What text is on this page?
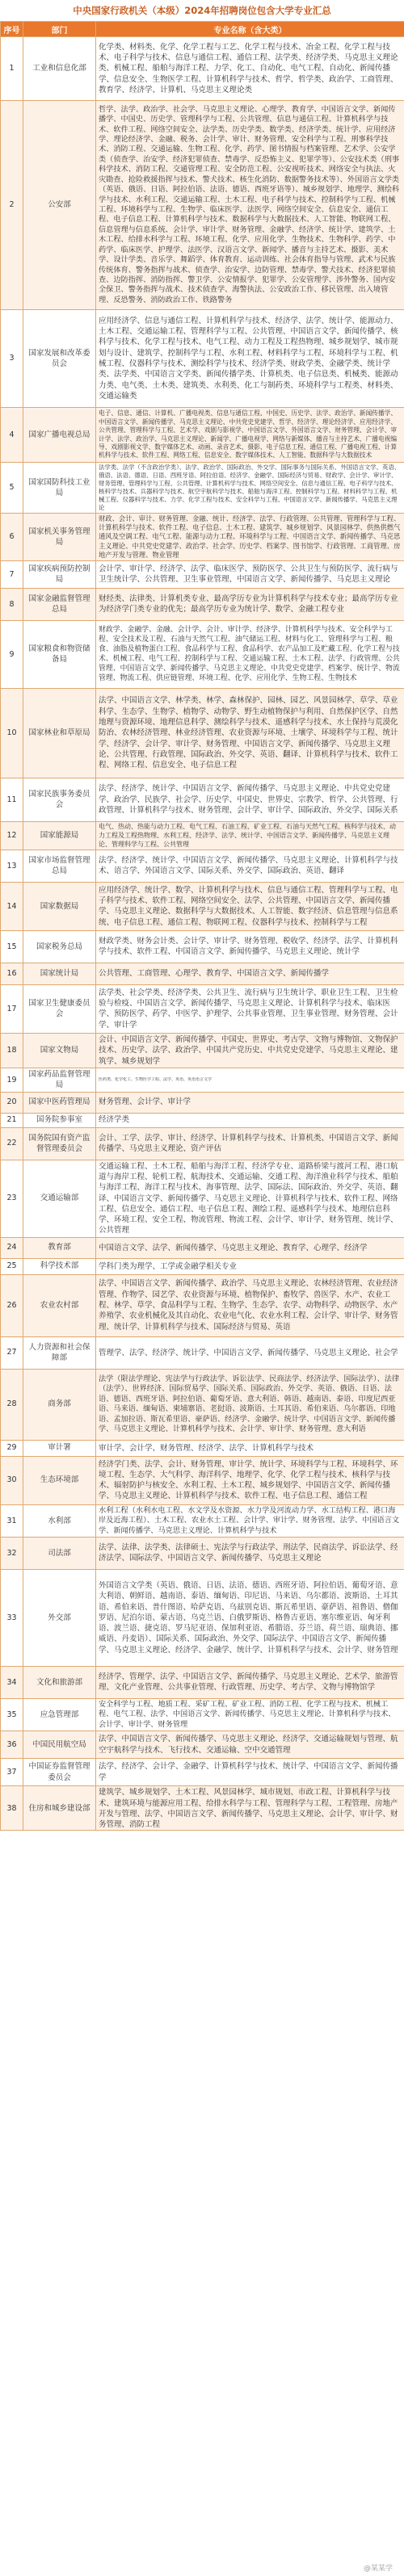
中央国家行政机关（本级）2024年招聘岗位包含大学专业汇总
序号	部门	专业名称（含大类）
1	工业和信息化部	化学类、材料类、化学、化学工程与工艺、化学工程与技术、冶金工程、化学工程与技术、电子科学与技术、信息与通信工程、通信工程、法学类、经济学类、马克思主义理论类、机械工程、船舶与海洋工程、力学、化工、自动化、电气工程、自动化、新闻传播学、信息安全、生物医学工程、计算机科学与技术、哲学、哲学类、政治学、工商管理、教育学、经济学、计算机、马克思主义理论类

2	公安部	哲学、法学、政治学、社会学、马克思主义理论、心理学、教育学、中国语言文学、新闻传播学、中国史、历史学、管理科学与工程、公共管理、信息与通信工程、计算机科学与技术、软件工程、网络空间安全、法学类、历史学类、数学类、经济学类、统计学、应用经济学、理论经济学、金融、税务、会计学、审计、财务管理、安全科学与工程、刑事科学技术、消防工程、交通运输、生物工程、化学、药学、图书情报与档案管理、艺术学、公安学类（侦查学、治安学、经济犯罪侦查、禁毒学、反恐怖主义、犯罪学等）、公安技术类（刑事科学技术、消防工程、交通管理工程、安全防范工程、公安视听技术、网络安全与执法、火灾勘查、抢险救援指挥与技术、警犬技术、核生化消防、数据警务技术等）、外国语言文学类（英语、俄语、日语、阿拉伯语、法语、德语、西班牙语等）、城乡规划学、地理学、测绘科学与技术、水利工程、交通运输工程、土木工程、电子科学与技术、控制科学与工程、机械工程、环境科学与工程、生物学、临床医学、法医学、网络空间安全、信息安全、通信工程、电子信息工程、计算机科学与技术、数据科学与大数据技术、人工智能、物联网工程、信息管理与信息系统、会计学、审计学、财务管理、金融学、经济学、统计学、建筑学、土木工程、给排水科学与工程、环境工程、化学、应用化学、生物技术、生物科学、药学、中药学、临床医学、护理学、法医学、汉语言文学、新闻学、播音与主持艺术、摄影、美术学、设计学类、音乐学、舞蹈学、体育教育、运动训练、社会体育指导与管理、武术与民族传统体育、警务指挥与战术、侦查学、治安学、边防管理、禁毒学、警犬技术、经济犯罪侦查、边防指挥、消防指挥、警卫学、公安情报学、犯罪学、公安管理学、涉外警务、国内安全保卫、警务指挥与战术、技术侦查学、海警执法、公安政治工作、移民管理、出入境管理、反恐警务、消防政治工作、铁路警务

3	国家发展和改革委员会	应用经济学、信息与通信工程、计算机科学与技术、经济学、法学、统计学、能源动力、土木工程、交通运输工程、管理科学与工程、公共管理、中国语言文学、新闻传播学、核科学与技术、化学工程与技术、电气工程、动力工程及工程热物理、城乡规划学、城市规划与设计、建筑学、控制科学与工程、水利工程、材料科学与工程、环境科学与工程、机械工程、仪器科学与技术、测绘科学与技术、经济学类、财政学类、金融学类、统计学类、法学类、中国语言文学类、新闻传播学类、计算机类、电子信息类、机械类、能源动力类、电气类、土木类、建筑类、水利类、化工与制药类、环境科学与工程类、材料类、交通运输类

4	国家广播电视总局	电子、信息、通信、计算机、广播电视类、信息与通信工程、中国史、历史学、法学、政治学、新闻传播学、中国语言文学、新闻传播学、马克思主义理论、中共党史党建学、哲学、经济学、理论经济学、应用经济学、公共管理、管理科学与工程、艺术学、戏剧与影视学、中国语言文学、外国语言文学、财务管理、会计学、审计学、法学、政治学、马克思主义理论、新闻学、广播电视学、网络与新媒体、播音与主持艺术、广播电视编导、戏剧影视文学、数字媒体艺术、动画、录音艺术、摄影、电子信息工程、通信工程、广播电视工程、计算机科学与技术、软件工程、网络工程、信息安全、数字媒体技术、人工智能、数据科学与大数据技术

5	国家国防科技工业局	法学类、法学（不含政治学类）、法学、政治学、国际政治、外交学、国际事务与国际关系、外国语言文学、英语、俄语、法语、德语、日语、西班牙语、阿拉伯语、经济学、金融学、国际经济与贸易、财政学、会计学、审计学、财务管理、管理科学与工程、公共管理、计算机科学与技术、网络空间安全、信息与通信工程、电子科学与技术、核科学与技术、兵器科学与技术、航空宇航科学与技术、船舶与海洋工程、控制科学与工程、材料科学与工程、机械工程、仪器科学与技术、力学、化学工程与技术、安全科学与工程、中国语言文学、新闻传播学、马克思主义理论

6	国家机关事务管理局	财政、会计、审计、财务管理、金融、统计、经济学、法学、行政管理、公共管理、管理科学与工程、计算机科学与技术、软件工程、电子信息、土木工程、建筑学、城乡规划学、风景园林学、供热供燃气通风及空调工程、电气工程、能源与动力工程、环境科学与工程、中国语言文学、新闻传播学、马克思主义理论、中共党史党建学、政治学、社会学、历史学、档案学、图书馆学、行政管理、工商管理、房地产开发与管理、物业管理

7	国家疾病预防控制局	会计学、审计学、经济学、法学、临床医学、预防医学、公共卫生与预防医学、流行病与卫生统计学、公共管理、卫生事业管理、中国语言文学、新闻传播学、马克思主义理论

8	国家金融监督管理总局	财经类、法律类、计算机类专业、最高学历专业为计算机科学与技术专业；最高学历专业为经济学门类专业的优先；最高学历专业为统计学、数学、金融工程专业

9	国家粮食和物资储备局	财政学、金融学、金融、会计学、会计、审计学、经济学、计算机科学与技术、安全科学与工程、安全技术及工程、石油与天然气工程、油气储运工程、材料与化工、管理科学与工程、粮食、油脂及植物蛋白工程、食品科学与工程、食品科学、农产品加工及贮藏工程、化学工程与技术、机械工程、电气工程、控制科学与工程、交通运输工程、土木工程、法学、行政管理、公共管理、中国语言文学、新闻传播学、马克思主义理论、中共党史党建学、档案学、统计学、物流管理、物流工程、供应链管理、环境工程、化学、应用化学、生物工程、生物技术

10	国家林业和草原局	法学、中国语言文学、林学类、林学、森林保护、园林、园艺、风景园林学、草学、草业科学、生态学、生物学、植物学、动物学、野生动植物保护与利用、自然保护区学、自然地理与资源环境、地理信息科学、测绘科学与技术、遥感科学与技术、水土保持与荒漠化防治、农林经济管理、林业经济管理、农业资源与环境、土壤学、环境科学与工程、统计学、经济学、会计学、审计学、财务管理、中国语言文学、新闻传播学、马克思主义理论、公共管理、行政管理、国际政治、外交学、英语、翻译、计算机科学与技术、软件工程、网络工程、信息安全、电子信息工程

11	国家民族事务委员会	法学、经济学、统计学、中国语言文学、新闻传播学、马克思主义理论、中共党史党建学、政治学、民族学、社会学、历史学、中国史、世界史、宗教学、哲学、公共管理、行政管理、计算机科学与技术、财务管理、会计学、审计学、国际政治、外交学、国际关系

12	国家能源局	电气、热动、热能与动力工程、电气工程、石油工程、矿业工程、石油与天然气工程、核科学与技术、动力工程及工程热物理、水利工程、经济学、法学、统计学、中国语言文学、新闻传播学、马克思主义理论、管理科学与工程、公共管理

13	国家市场监督管理总局	法学、经济学、统计学、中国语言文学、新闻传播学、马克思主义理论、计算机科学与技术、语言学、外国语言文学、国际关系、外交学、国际政治、英语、翻译

14	国家数据局	应用经济学、统计学、数学、计算机科学与技术、信息与通信工程、管理科学与工程、电子科学与技术、软件工程、网络空间安全、法学、公共管理、中国语言文学、新闻传播学、马克思主义理论、数据科学与大数据技术、人工智能、数字经济、信息管理与信息系统、电子信息工程、通信工程、物联网工程、仪器科学与技术、控制科学与工程

15	国家税务总局	财政学类、财务会计类、会计学、审计学、财务管理、税收学、经济学、法学、计算机科学与技术、软件工程、中国语言文学、新闻传播学、马克思主义理论、统计学

16	国家统计局	公共管理、工商管理、心理学、教育学、中国语言文学、新闻传播学

17	国家卫生健康委员会	法学类、社会学类、经济学类、公共卫生、流行病与卫生统计学、职业卫生工程、卫生检验与检疫、中国语言文学、新闻传播学、马克思主义理论、计算机科学与技术、临床医学、预防医学、药学、中医学、护理学、公共事业管理、卫生事业管理、财务管理、会计学、审计学

18	国家文物局	会计、中国语言文学、新闻传播学、中国史、世界史、考古学、文物与博物馆、文物保护技术、历史学、法学、政治学、中国共产党历史、中共党史党建学、马克思主义理论、建筑学、城乡规划学

19	国家药品监督管理局	医药类、化学化工、生物医学工程、法学、英语、英语语言文学

20	国家中医药管理局	财务管理、会计学、审计学

21	国务院参事室	经济学类

22	国务院国有资产监督管理委员会	会计、工学、法学、审计、经济学、计算机科学与技术、计算机类、中国语言文学、新闻传播学、马克思主义理论、资产评估

23	交通运输部	交通运输工程、土木工程、船舶与海洋工程、经济学专业、道路桥梁与渡河工程、港口航道与海岸工程、轮机工程、航海技术、交通运输、交通工程、海洋渔业科学与技术、船舶与海洋工程、海洋工程与技术、海事管理、法学、国际法、国际政治、外交学、英语、翻译、中国语言文学、新闻传播学、马克思主义理论、计算机科学与技术、软件工程、网络工程、信息安全、通信工程、电子信息工程、测绘工程、遥感科学与技术、地理信息科学、环境工程、安全工程、物流管理、物流工程、会计学、审计学、财务管理、统计学、公共管理

24	教育部	中国语言文学、法学、新闻传播学、马克思主义理论、教育学、心理学、经济学

25	科学技术部	学科门类为理学、工学或金融学相关专业

26	农业农村部	法学、中国语言文学、新闻传播学、政治学、马克思主义理论、农林经济管理、农业经济管理、作物学、园艺学、农业资源与环境、植物保护、畜牧学、兽医学、水产、农业工程、林学、草学、食品科学与工程、生物学、生态学、农学、动物科学、动物医学、水产养殖学、农业机械化及其自动化、农业电气化、农业水利工程、会计学、审计学、财务管理、统计学、计算机科学与技术、国际经济与贸易、英语

27	人力资源和社会保障部	管理学、法学、经济学、统计学、中国语言文学、新闻传播学、马克思主义理论、社会学

28	商务部	法学（限法学理论、宪法学与行政法学、诉讼法学、民商法学、经济法学、国际法学）、法律（法学）、世界经济、国际贸易学、国际关系、国际政治、外交学、英语、俄语、日语、法语、德语、西班牙语、阿拉伯语、葡萄牙语、意大利语、韩语、越南语、泰语、印度尼西亚语、马来语、缅甸语、柬埔寨语、老挝语、波斯语、土耳其语、希伯来语、乌尔都语、印地语、孟加拉语、斯瓦希里语、豪萨语、经济学、金融学、统计学、中国语言文学、新闻传播学、马克思主义理论、计算机科学与技术、会计学、审计学、财务管理、意大利语

29	审计署	审计学、会计学、财务管理、经济学、法学、计算机科学与技术

30	生态环境部	经济学门类、法学、会计、财务管理、审计学、统计学、环境科学与工程、环境科学、环境工程、生态学、大气科学、海洋科学、地理学、化学、化学工程与技术、核科学与技术、辐射防护与核安全、水利工程、土木工程、城乡规划学、中国语言文学、新闻传播学、马克思主义理论、计算机科学与技术、软件工程、电子信息工程、通信工程

31	水利部	水利工程（水利水电工程、水文学及水资源、水力学及河流动力学、水工结构工程、港口海岸及近海工程）、土木工程、农业水土工程、会计学、审计学、财务管理、法学、中国语言文学、新闻传播学、马克思主义理论、计算机科学与技术

32	司法部	法学、法律、法学类、法律硕士、宪法学与行政法学、刑法学、民商法学、诉讼法学、经济法学、国际法学、中国语言文学、新闻传播学、马克思主义理论

33	外交部	外国语言文学类（英语、俄语、日语、法语、德语、西班牙语、阿拉伯语、葡萄牙语、意大利语、朝鲜语、越南语、泰语、缅甸语、印尼语、马来语、乌尔都语、波斯语、土耳其语、希伯来语、普什图语、哈萨克语、乌兹别克语、斯瓦希里语、豪萨语、祖鲁语、僧伽罗语、尼泊尔语、蒙古语、乌克兰语、白俄罗斯语、格鲁吉亚语、塞尔维亚语、匈牙利语、波兰语、捷克语、罗马尼亚语、保加利亚语、希腊语、芬兰语、荷兰语、瑞典语、挪威语、丹麦语）、国际关系、国际政治、外交学、国际法学、中国语言文学、新闻传播学、马克思主义理论、经济学、金融学、统计学、计算机科学与技术、会计学、财务管理

34	文化和旅游部	经济学、管理学、法学、中国语言文学、新闻传播学、马克思主义理论、艺术学、旅游管理、文化产业管理、公共事业管理、行政管理、历史学、考古学、文物与博物馆学

35	应急管理部	安全科学与工程、地质工程、采矿工程、矿业工程、消防工程、化学工程与技术、机械工程、电气工程、法学、中国语言文学、新闻传播学、马克思主义理论、计算机科学与技术、会计学、审计学、财务管理

36	中国民用航空局	法学、中国语言文学、新闻传播学、马克思主义理论、经济学、交通运输规划与管理、航空宇航科学与技术、飞行技术、交通运输、空中交通管理

37	中国证券监督管理委员会	法学、经济学、会计学、金融学、计算机科学与技术、统计学、中国语言文学、新闻传播学

38	住房和城乡建设部	建筑学、城乡规划学、土木工程、风景园林学、城市规划、市政工程、计算机科学与技术、建筑环境与能源应用工程、给排水科学与工程、管理科学与工程、工程管理、房地产开发与管理、法学、中国语言文学、新闻传播学、马克思主义理论、会计学、审计学、财务管理、消防工程
@某某学
